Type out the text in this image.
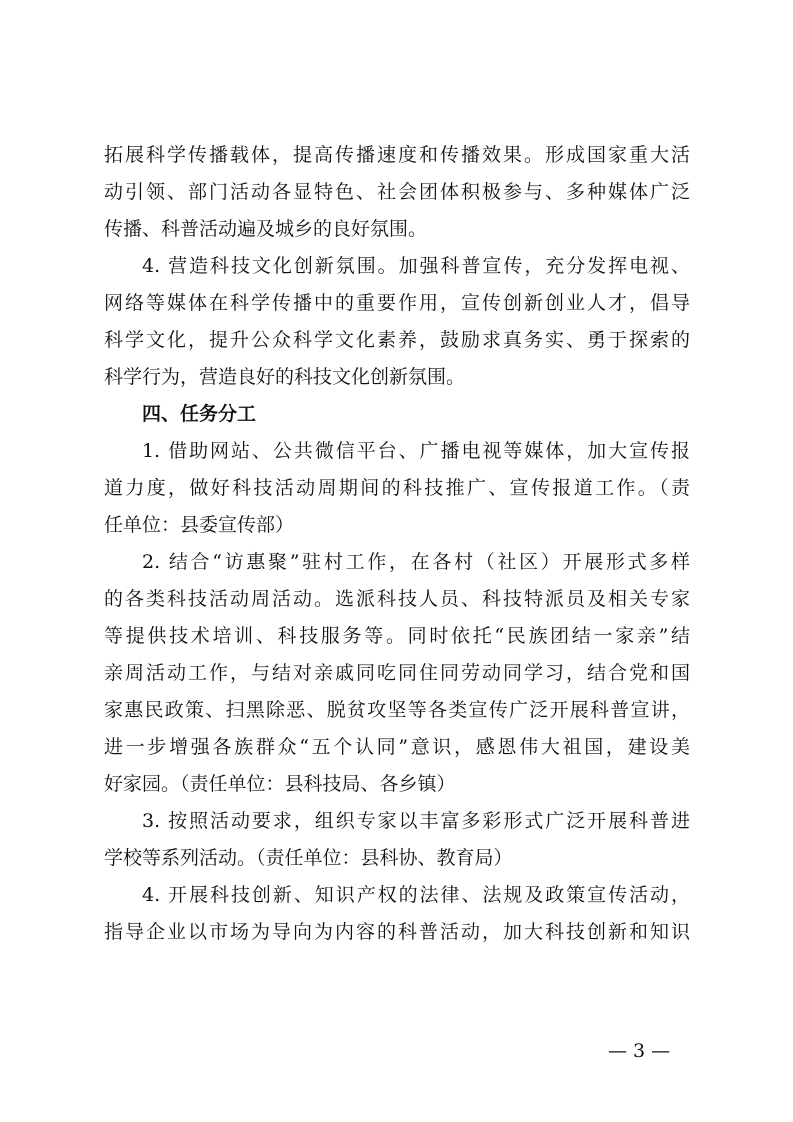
拓展科学传播载体，提高传播速度和传播效果。形成国家重大活
动引领、部门活动各显特色、社会团体积极参与、多种媒体广泛
传播、科普活动遍及城乡的良好氛围。
4. 营造科技文化创新氛围。加强科普宣传，充分发挥电视、
网络等媒体在科学传播中的重要作用，宣传创新创业人才，倡导
科学文化，提升公众科学文化素养，鼓励求真务实、勇于探索的
科学行为，营造良好的科技文化创新氛围。
四、任务分工
1. 借助网站、公共微信平台、广播电视等媒体，加大宣传报
道力度，做好科技活动周期间的科技推广、宣传报道工作。（责
任单位：县委宣传部）
2. 结合“访惠聚”驻村工作，在各村（社区）开展形式多样
的各类科技活动周活动。选派科技人员、科技特派员及相关专家
等提供技术培训、科技服务等。同时依托“民族团结一家亲”结
亲周活动工作，与结对亲戚同吃同住同劳动同学习，结合党和国
家惠民政策、扫黑除恶、脱贫攻坚等各类宣传广泛开展科普宣讲，
进一步增强各族群众“五个认同”意识，感恩伟大祖国，建设美
好家园。（责任单位：县科技局、各乡镇）
3. 按照活动要求，组织专家以丰富多彩形式广泛开展科普进
学校等系列活动。（责任单位：县科协、教育局）
4. 开展科技创新、知识产权的法律、法规及政策宣传活动，
指导企业以市场为导向为内容的科普活动，加大科技创新和知识
— 3 —
